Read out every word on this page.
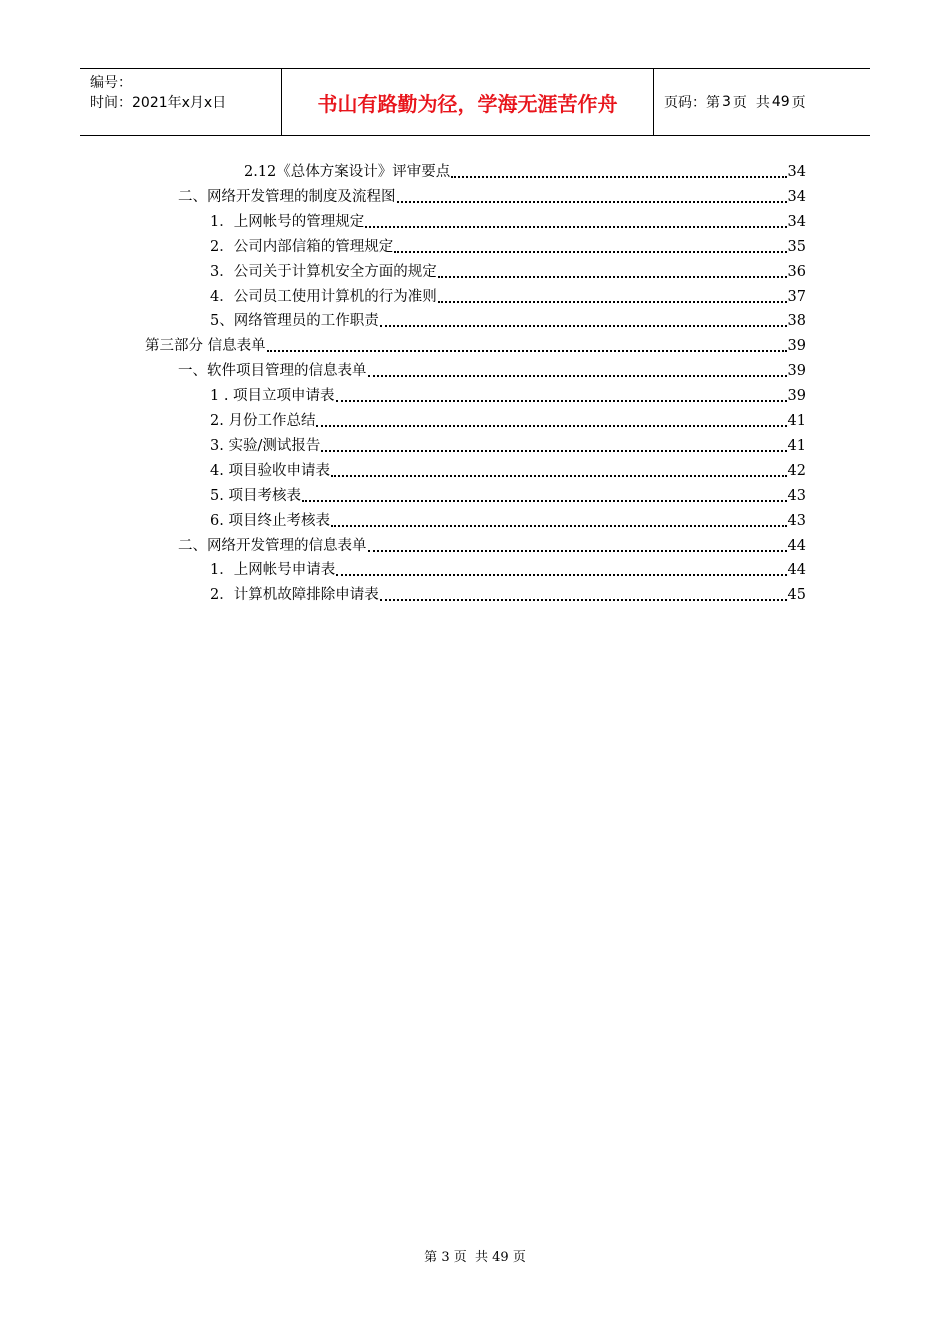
编号：
时间：2021年x月x日	书山有路勤为径，学海无涯苦作舟	页码：第 3 页  共 49 页
2.12《总体方案设计》评审要点	34
二、网络开发管理的制度及流程图	34
1．上网帐号的管理规定	34
2．公司内部信箱的管理规定	35
3．公司关于计算机安全方面的规定	36
4．公司员工使用计算机的行为准则	37
5、网络管理员的工作职责	38
第三部分 信息表单	39
一、软件项目管理的信息表单	39
1 . 项目立项申请表	39
2. 月份工作总结	41
3. 实验/测试报告	41
4. 项目验收申请表	42
5. 项目考核表	43
6. 项目终止考核表	43
二、网络开发管理的信息表单	44
1．上网帐号申请表	44
2．计算机故障排除申请表	45
第 3 页  共 49 页
